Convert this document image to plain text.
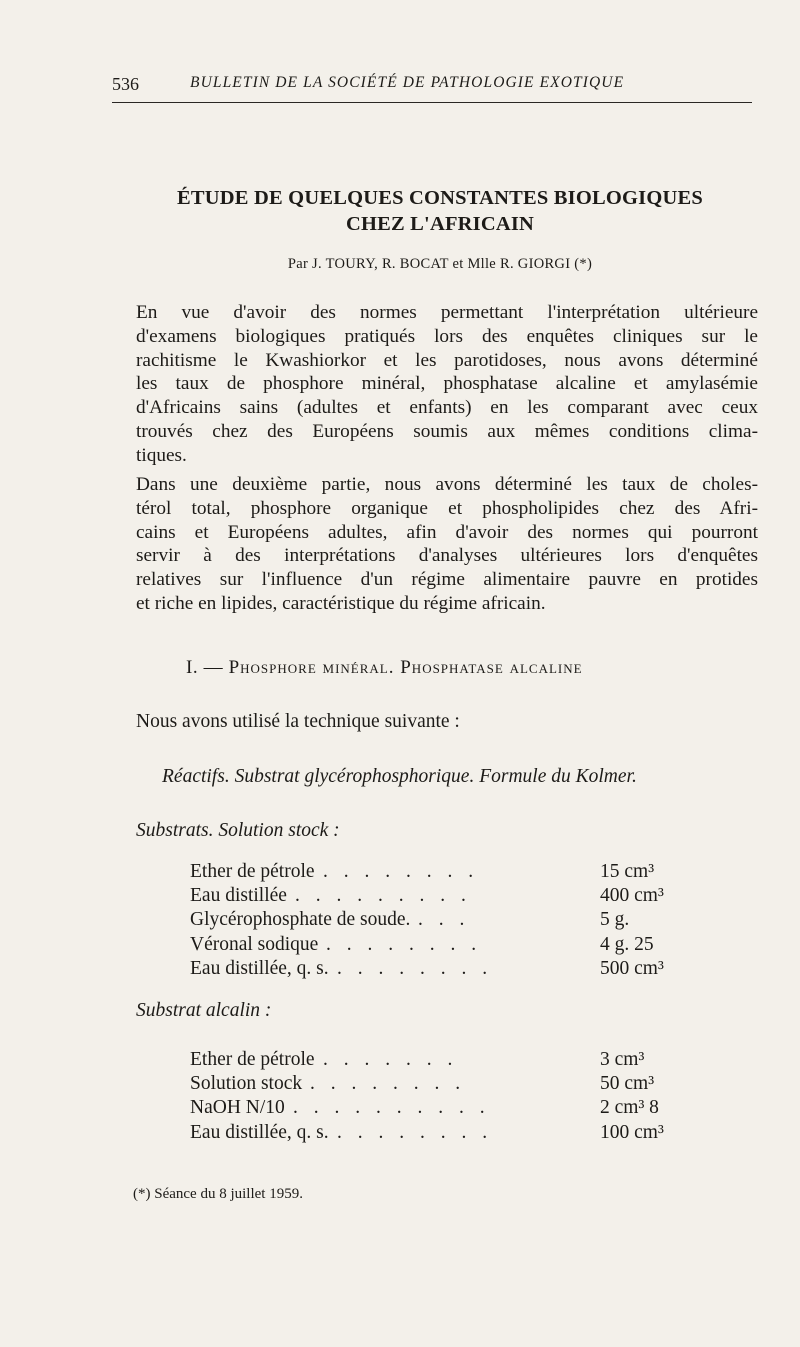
536	BULLETIN DE LA SOCIÉTÉ DE PATHOLOGIE EXOTIQUE
ÉTUDE DE QUELQUES CONSTANTES BIOLOGIQUES
CHEZ L'AFRICAIN
Par J. TOURY, R. BOCAT et Mlle R. GIORGI (*)
En vue d'avoir des normes permettant l'interprétation ultérieure
d'examens biologiques pratiqués lors des enquêtes cliniques sur le
rachitisme le Kwashiorkor et les parotidoses, nous avons déterminé
les taux de phosphore minéral, phosphatase alcaline et amylasémie
d'Africains sains (adultes et enfants) en les comparant avec ceux
trouvés chez des Européens soumis aux mêmes conditions clima-
tiques.
Dans une deuxième partie, nous avons déterminé les taux de choles-
térol total, phosphore organique et phospholipides chez des Afri-
cains et Européens adultes, afin d'avoir des normes qui pourront
servir à des interprétations d'analyses ultérieures lors d'enquêtes
relatives sur l'influence d'un régime alimentaire pauvre en protides
et riche en lipides, caractéristique du régime africain.
I. — Phosphore minéral. Phosphatase alcaline
Nous avons utilisé la technique suivante :
Réactifs. Substrat glycérophosphorique. Formule du Kolmer.
Substrats. Solution stock :
Ether de pétrole . . . . . . . .	15 cm³
Eau distillée . . . . . . . . .	400 cm³
Glycérophosphate de soude. . . .	5 g.
Véronal sodique . . . . . . . .	4 g. 25
Eau distillée, q. s. . . . . . . . .	500 cm³
Substrat alcalin :
Ether de pétrole . . . . . . .	3 cm³
Solution stock . . . . . . . .	50 cm³
NaOH N/10 . . . . . . . . . .	2 cm³ 8
Eau distillée, q. s. . . . . . . . .	100 cm³
(*) Séance du 8 juillet 1959.
